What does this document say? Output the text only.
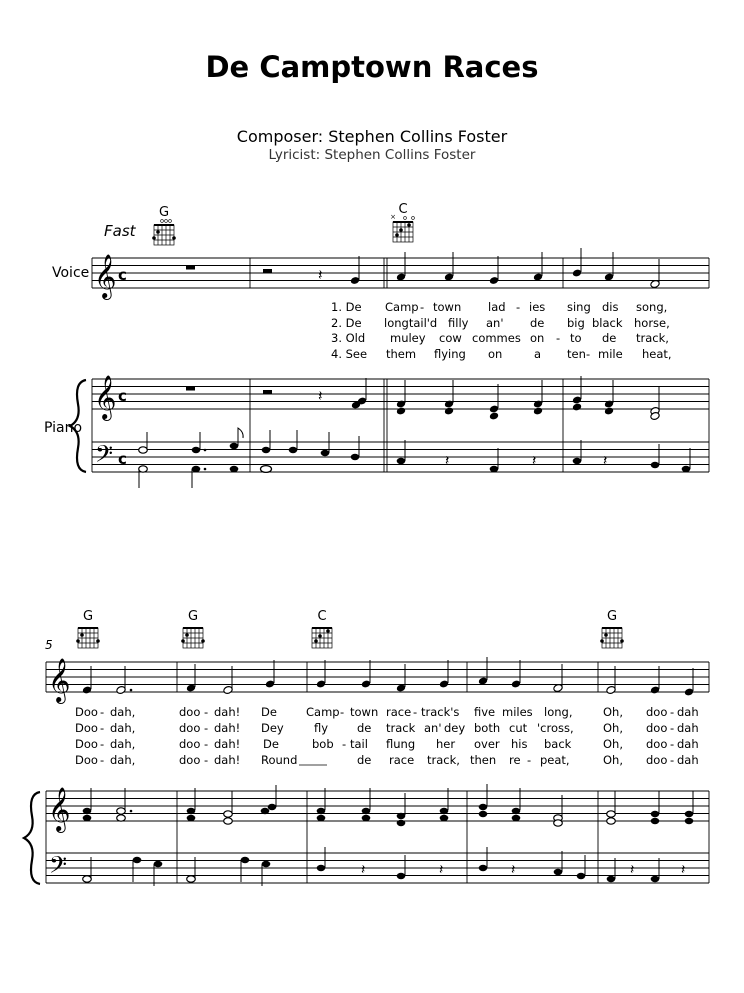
De Camptown Races
Composer: Stephen Collins Foster
Lyricist: Stephen Collins Foster
Fast
G	C
×
Voice
Piano
𝄞 c	𝄽
1. De Camp - town lad - ies sing dis song,
2. De longtail'd filly an' de big black horse,
3. Old muley cow commes on - to de track,
4. See them flying on	a ten - mile heat,
𝄞 c
𝄢 c
𝄽
𝄽	𝄽	𝄽
5
G	G	C	G
𝄞
Doo - dah,	doo - dah! De	Camp - town race - track's five miles long,	Oh, doo - dah
Doo - dah,	doo - dah! Dey	fly	de track an' dey both cut 'cross,	Oh, doo - dah
Doo - dah,	doo - dah! De	bob - tail flung her over his back	Oh, doo - dah
Doo - dah,	doo - dah! Round	de race track, then re - peat,	Oh, doo - dah
𝄞
𝄢	𝄽	𝄽	𝄽	𝄽	𝄽
